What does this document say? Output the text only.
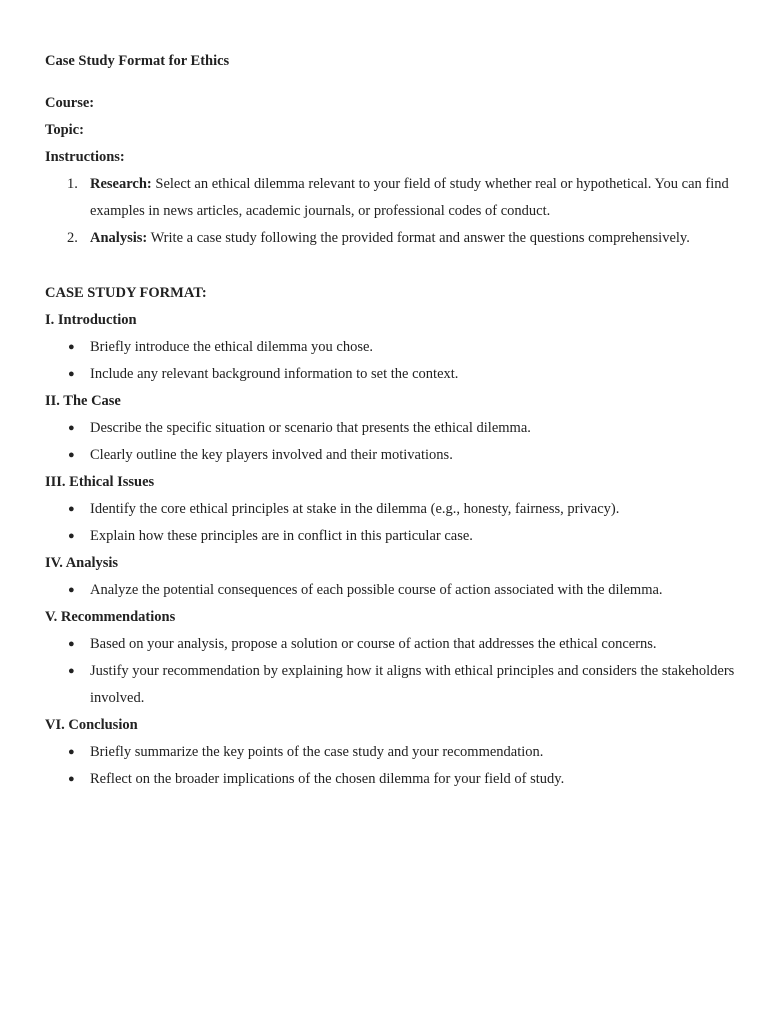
Case Study Format for Ethics
Course:
Topic:
Instructions:
1. Research: Select an ethical dilemma relevant to your field of study whether real or hypothetical. You can find examples in news articles, academic journals, or professional codes of conduct.
2. Analysis: Write a case study following the provided format and answer the questions comprehensively.
CASE STUDY FORMAT:
I. Introduction
● Briefly introduce the ethical dilemma you chose.
● Include any relevant background information to set the context.
II. The Case
● Describe the specific situation or scenario that presents the ethical dilemma.
● Clearly outline the key players involved and their motivations.
III. Ethical Issues
● Identify the core ethical principles at stake in the dilemma (e.g., honesty, fairness, privacy).
● Explain how these principles are in conflict in this particular case.
IV. Analysis
● Analyze the potential consequences of each possible course of action associated with the dilemma.
V. Recommendations
● Based on your analysis, propose a solution or course of action that addresses the ethical concerns.
● Justify your recommendation by explaining how it aligns with ethical principles and considers the stakeholders involved.
VI. Conclusion
● Briefly summarize the key points of the case study and your recommendation.
● Reflect on the broader implications of the chosen dilemma for your field of study.
